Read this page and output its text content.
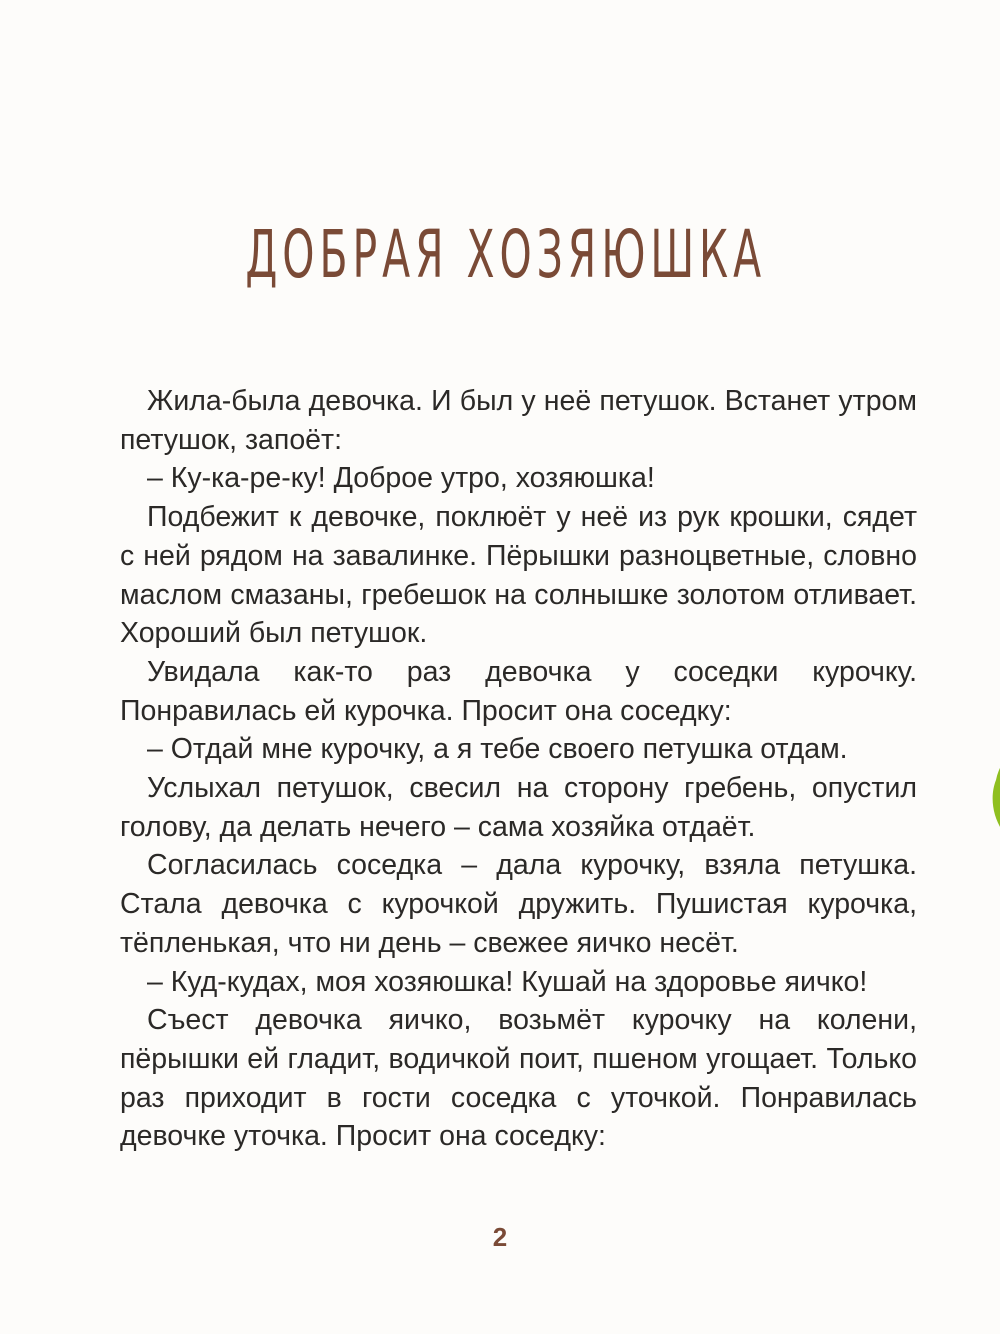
ДОБРАЯ ХОЗЯЮШКА

Жила-была девочка. И был у неё петушок. Встанет утром петушок, запоёт:

– Ку-ка-ре-ку! Доброе утро, хозяюшка!

Подбежит к девочке, поклюёт у неё из рук крошки, сядет с ней рядом на завалинке. Пёрышки разноцветные, словно маслом смазаны, гребешок на солнышке золотом отливает. Хороший был петушок.

Увидала как-то раз девочка у соседки курочку. Понравилась ей курочка. Просит она соседку:

– Отдай мне курочку, а я тебе своего петушка отдам.

Услыхал петушок, свесил на сторону гребень, опустил голову, да делать нечего – сама хозяйка отдаёт.

Согласилась соседка – дала курочку, взяла петушка. Стала девочка с курочкой дружить. Пушистая курочка, тёпленькая, что ни день – свежее яичко несёт.

– Куд-кудах, моя хозяюшка! Кушай на здоровье яичко!

Съест девочка яичко, возьмёт курочку на колени, пёрышки ей гладит, водичкой поит, пшеном угощает. Только раз приходит в гости соседка с уточкой. Понравилась девочке уточка. Просит она соседку:

2
